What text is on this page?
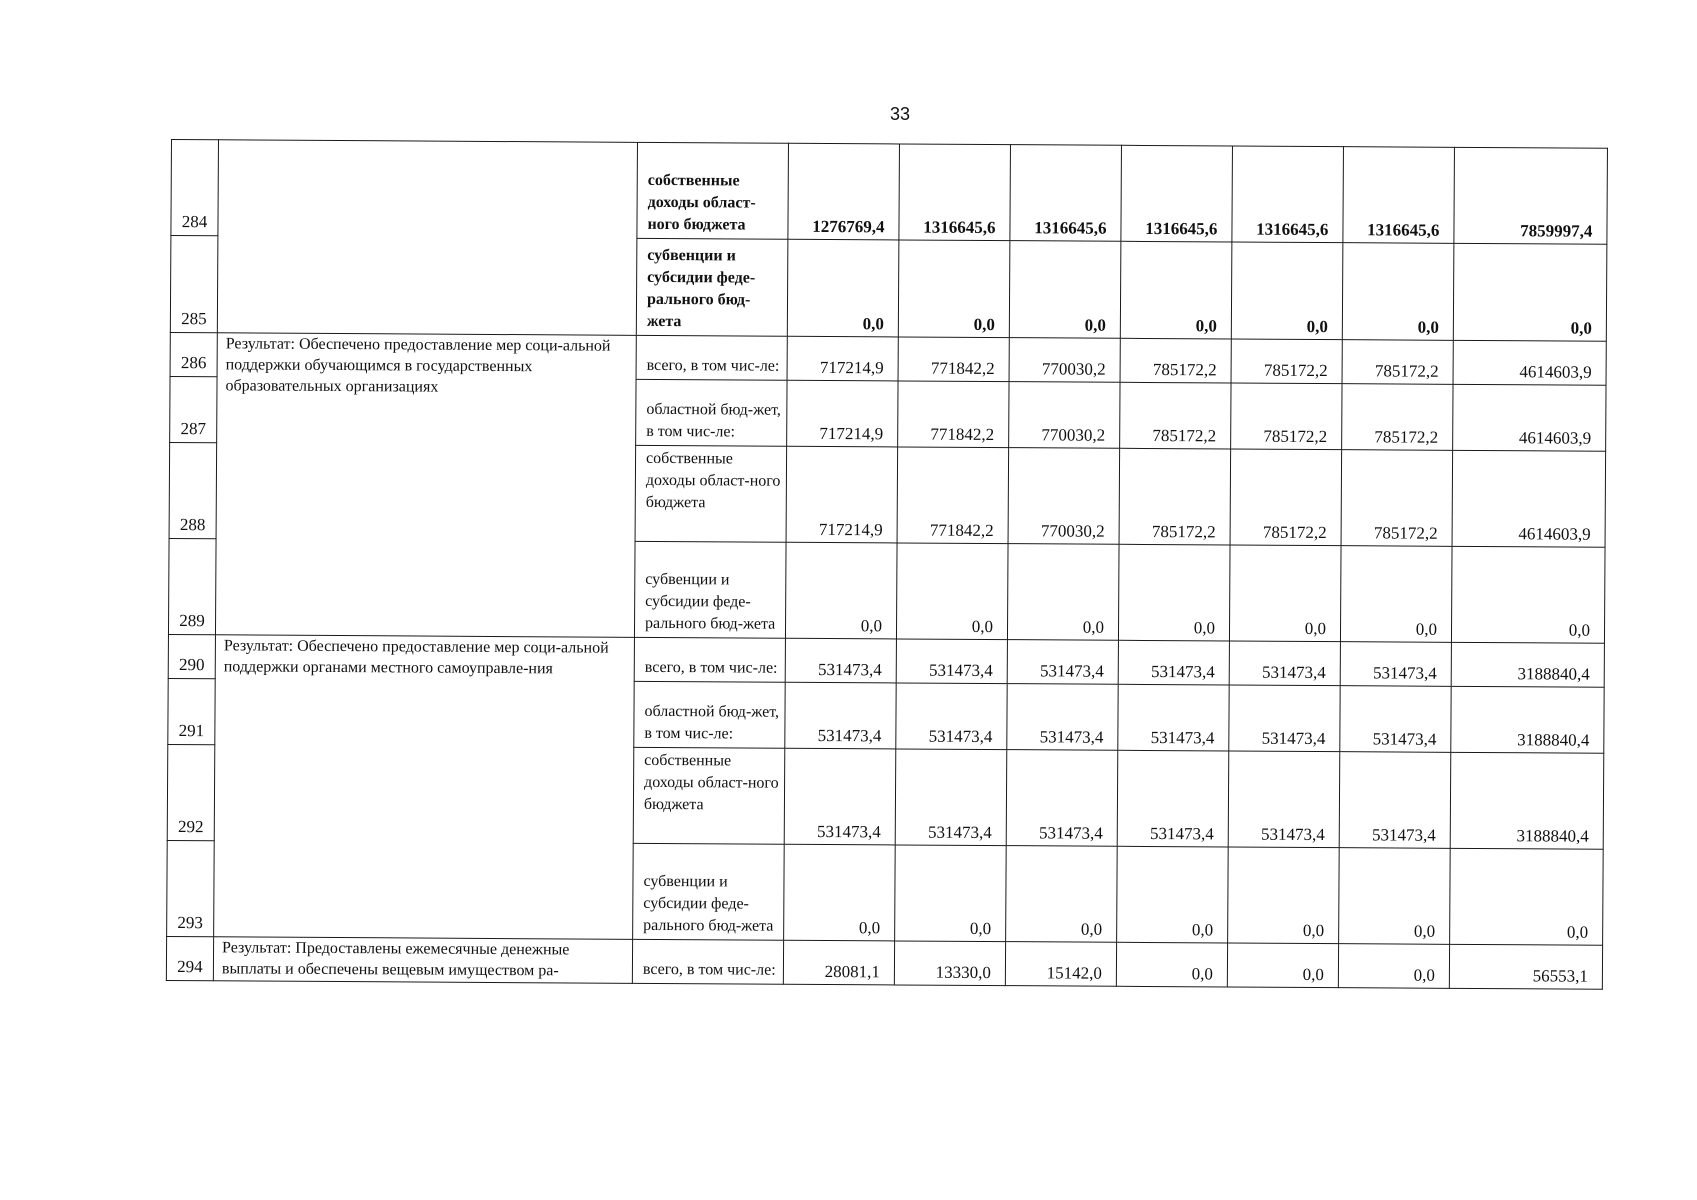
33
284		собственные доходы област-ного бюджета	1276769,4	1316645,6	1316645,6	1316645,6	1316645,6	1316645,6	7859997,4
285		субвенции и субсидии феде-рального бюд-жета	0,0	0,0	0,0	0,0	0,0	0,0	0,0
286	Результат: Обеспечено предоставление мер соци-альной поддержки обучающимся в государственных образовательных организациях	всего, в том чис-ле:	717214,9	771842,2	770030,2	785172,2	785172,2	785172,2	4614603,9
287		областной бюд-жет, в том чис-ле:	717214,9	771842,2	770030,2	785172,2	785172,2	785172,2	4614603,9
288		собственные доходы област-ного бюджета	717214,9	771842,2	770030,2	785172,2	785172,2	785172,2	4614603,9
289		субвенции и субсидии феде-рального бюд-жета	0,0	0,0	0,0	0,0	0,0	0,0	0,0
290	Результат: Обеспечено предоставление мер соци-альной поддержки органами местного самоуправле-ния	всего, в том чис-ле:	531473,4	531473,4	531473,4	531473,4	531473,4	531473,4	3188840,4
291		областной бюд-жет, в том чис-ле:	531473,4	531473,4	531473,4	531473,4	531473,4	531473,4	3188840,4
292		собственные доходы област-ного бюджета	531473,4	531473,4	531473,4	531473,4	531473,4	531473,4	3188840,4
293		субвенции и субсидии феде-рального бюд-жета	0,0	0,0	0,0	0,0	0,0	0,0	0,0
294	Результат: Предоставлены ежемесячные денежные выплаты и обеспечены вещевым имуществом ра-	всего, в том чис-ле:	28081,1	13330,0	15142,0	0,0	0,0	0,0	56553,1
